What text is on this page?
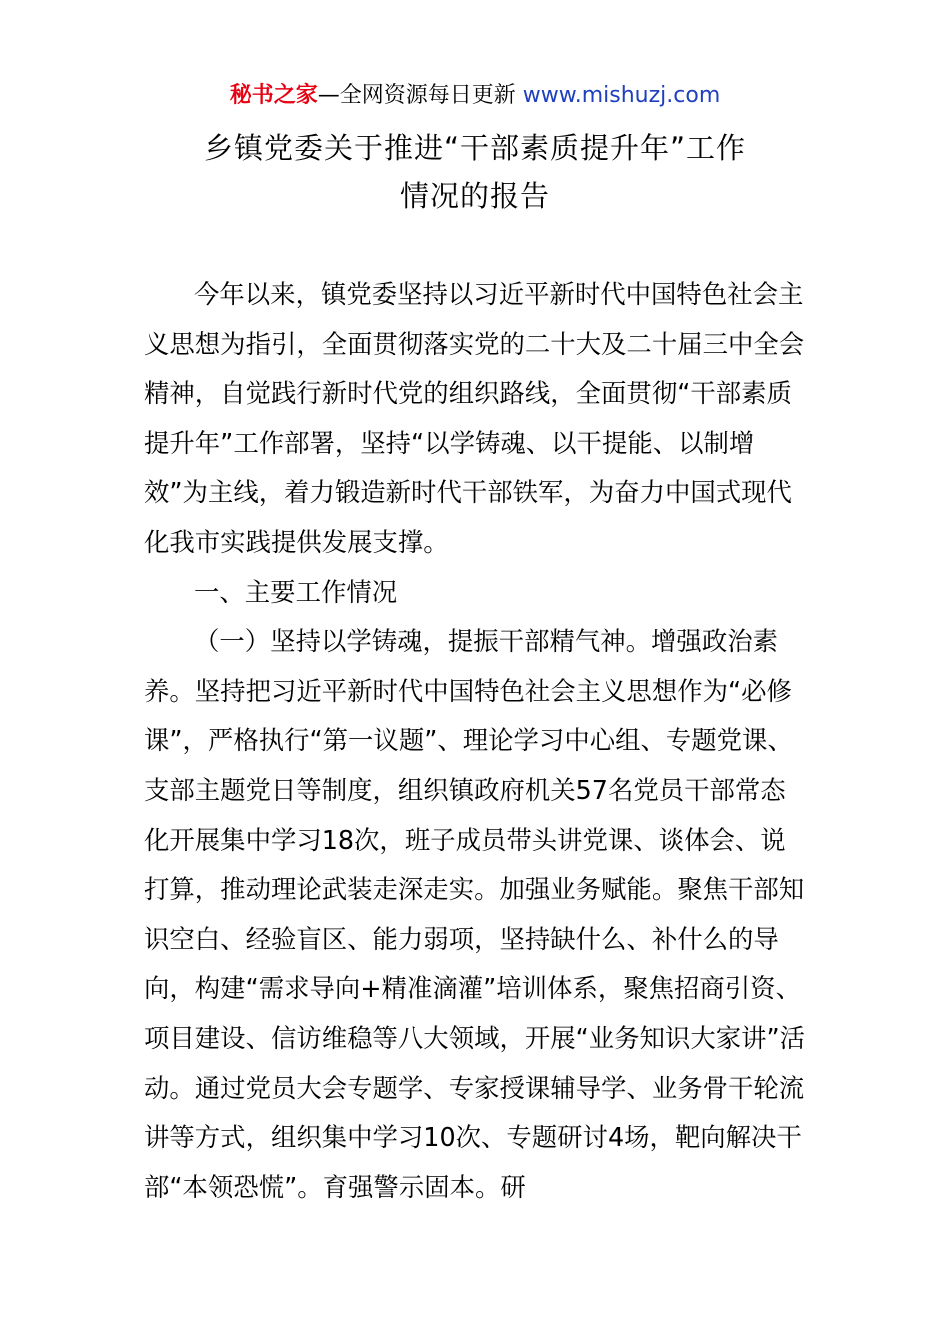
秘书之家—全网资源每日更新 www.mishuzj.com
乡镇党委关于推进“干部素质提升年”工作
情况的报告

今年以来，镇党委坚持以习近平新时代中国特色社会主义思想为指引，全面贯彻落实党的二十大及二十届三中全会精神，自觉践行新时代党的组织路线，全面贯彻“干部素质提升年”工作部署，坚持“以学铸魂、以干提能、以制增效”为主线，着力锻造新时代干部铁军，为奋力中国式现代化我市实践提供发展支撑。

一、主要工作情况

（一）坚持以学铸魂，提振干部精气神。增强政治素养。坚持把习近平新时代中国特色社会主义思想作为“必修课”，严格执行“第一议题”、理论学习中心组、专题党课、支部主题党日等制度，组织镇政府机关57名党员干部常态化开展集中学习18次，班子成员带头讲党课、谈体会、说打算，推动理论武装走深走实。加强业务赋能。聚焦干部知识空白、经验盲区、能力弱项，坚持缺什么、补什么的导向，构建“需求导向+精准滴灌”培训体系，聚焦招商引资、项目建设、信访维稳等八大领域，开展“业务知识大家讲”活动。通过党员大会专题学、专家授课辅导学、业务骨干轮流讲等方式，组织集中学习10次、专题研讨4场，靶向解决干部“本领恐慌”。育强警示固本。研
